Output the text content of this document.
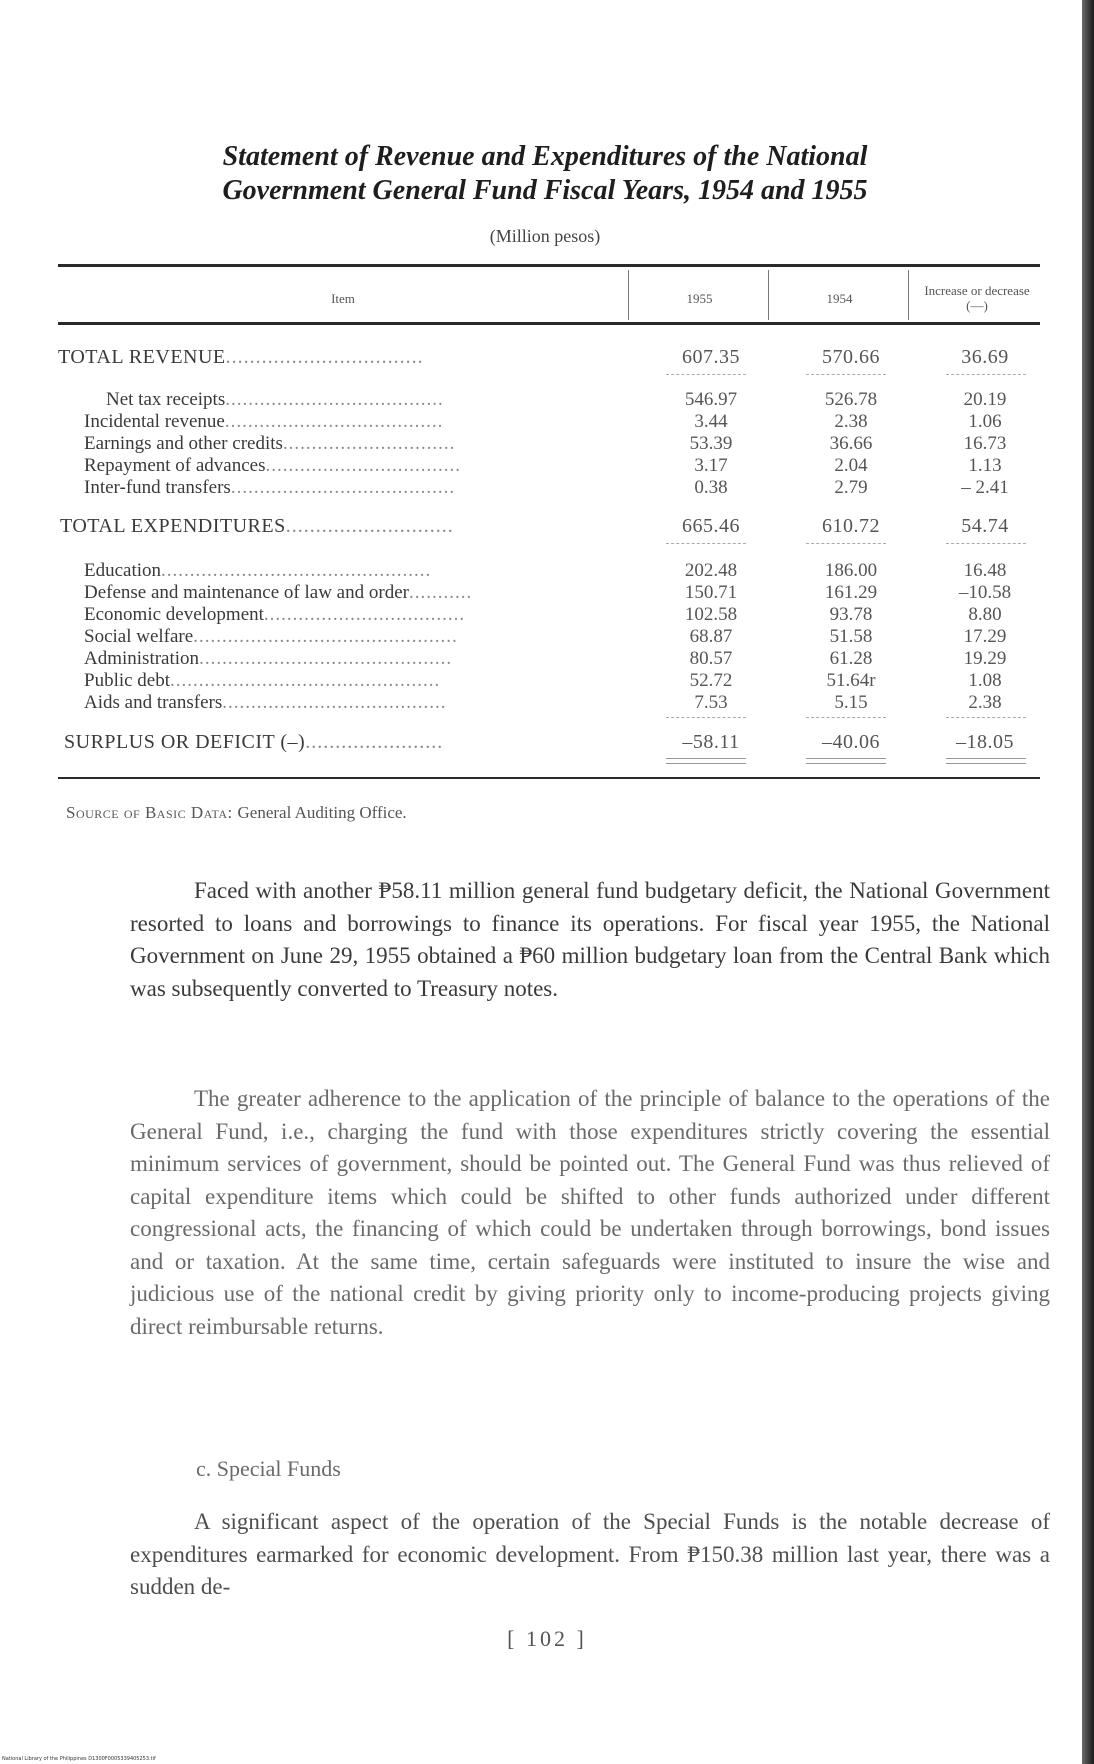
Statement of Revenue and Expenditures of the National
Government General Fund Fiscal Years, 1954 and 1955
(Million pesos)
Item	1955	1954	Increase or decrease (—)
TOTAL REVENUE.................................	607.35	570.66	36.69
Net tax receipts......................................	546.97	526.78	20.19
Incidental revenue......................................	3.44	2.38	1.06
Earnings and other credits..............................	53.39	36.66	16.73
Repayment of advances..................................	3.17	2.04	1.13
Inter-fund transfers.......................................	0.38	2.79	– 2.41
TOTAL EXPENDITURES............................	665.46	610.72	54.74
Education...............................................	202.48	186.00	16.48
Defense and maintenance of law and order...........	150.71	161.29	–10.58
Economic development...................................	102.58	93.78	8.80
Social welfare..............................................	68.87	51.58	17.29
Administration............................................	80.57	61.28	19.29
Public debt...............................................	52.72	51.64r	1.08
Aids and transfers.......................................	7.53	5.15	2.38
SURPLUS OR DEFICIT (–).......................	–58.11	–40.06	–18.05
Source of Basic Data: General Auditing Office.
Faced with another ₱58.11 million general fund budgetary deficit, the National Government resorted to loans and borrowings to finance its operations. For fiscal year 1955, the National Government on June 29, 1955 obtained a ₱60 million budgetary loan from the Central Bank which was subsequently converted to Treasury notes.
The greater adherence to the application of the principle of balance to the operations of the General Fund, i.e., charging the fund with those expenditures strictly covering the essential minimum services of government, should be pointed out. The General Fund was thus relieved of capital expenditure items which could be shifted to other funds authorized under different congressional acts, the financing of which could be undertaken through borrowings, bond issues and or taxation. At the same time, certain safeguards were instituted to insure the wise and judicious use of the national credit by giving priority only to income-producing projects giving direct reimbursable returns.
c. Special Funds
A significant aspect of the operation of the Special Funds is the notable decrease of expenditures earmarked for economic development. From ₱150.38 million last year, there was a sudden de-
[ 102 ]
National Library of the Philippines D1300F0005339405253.tif
